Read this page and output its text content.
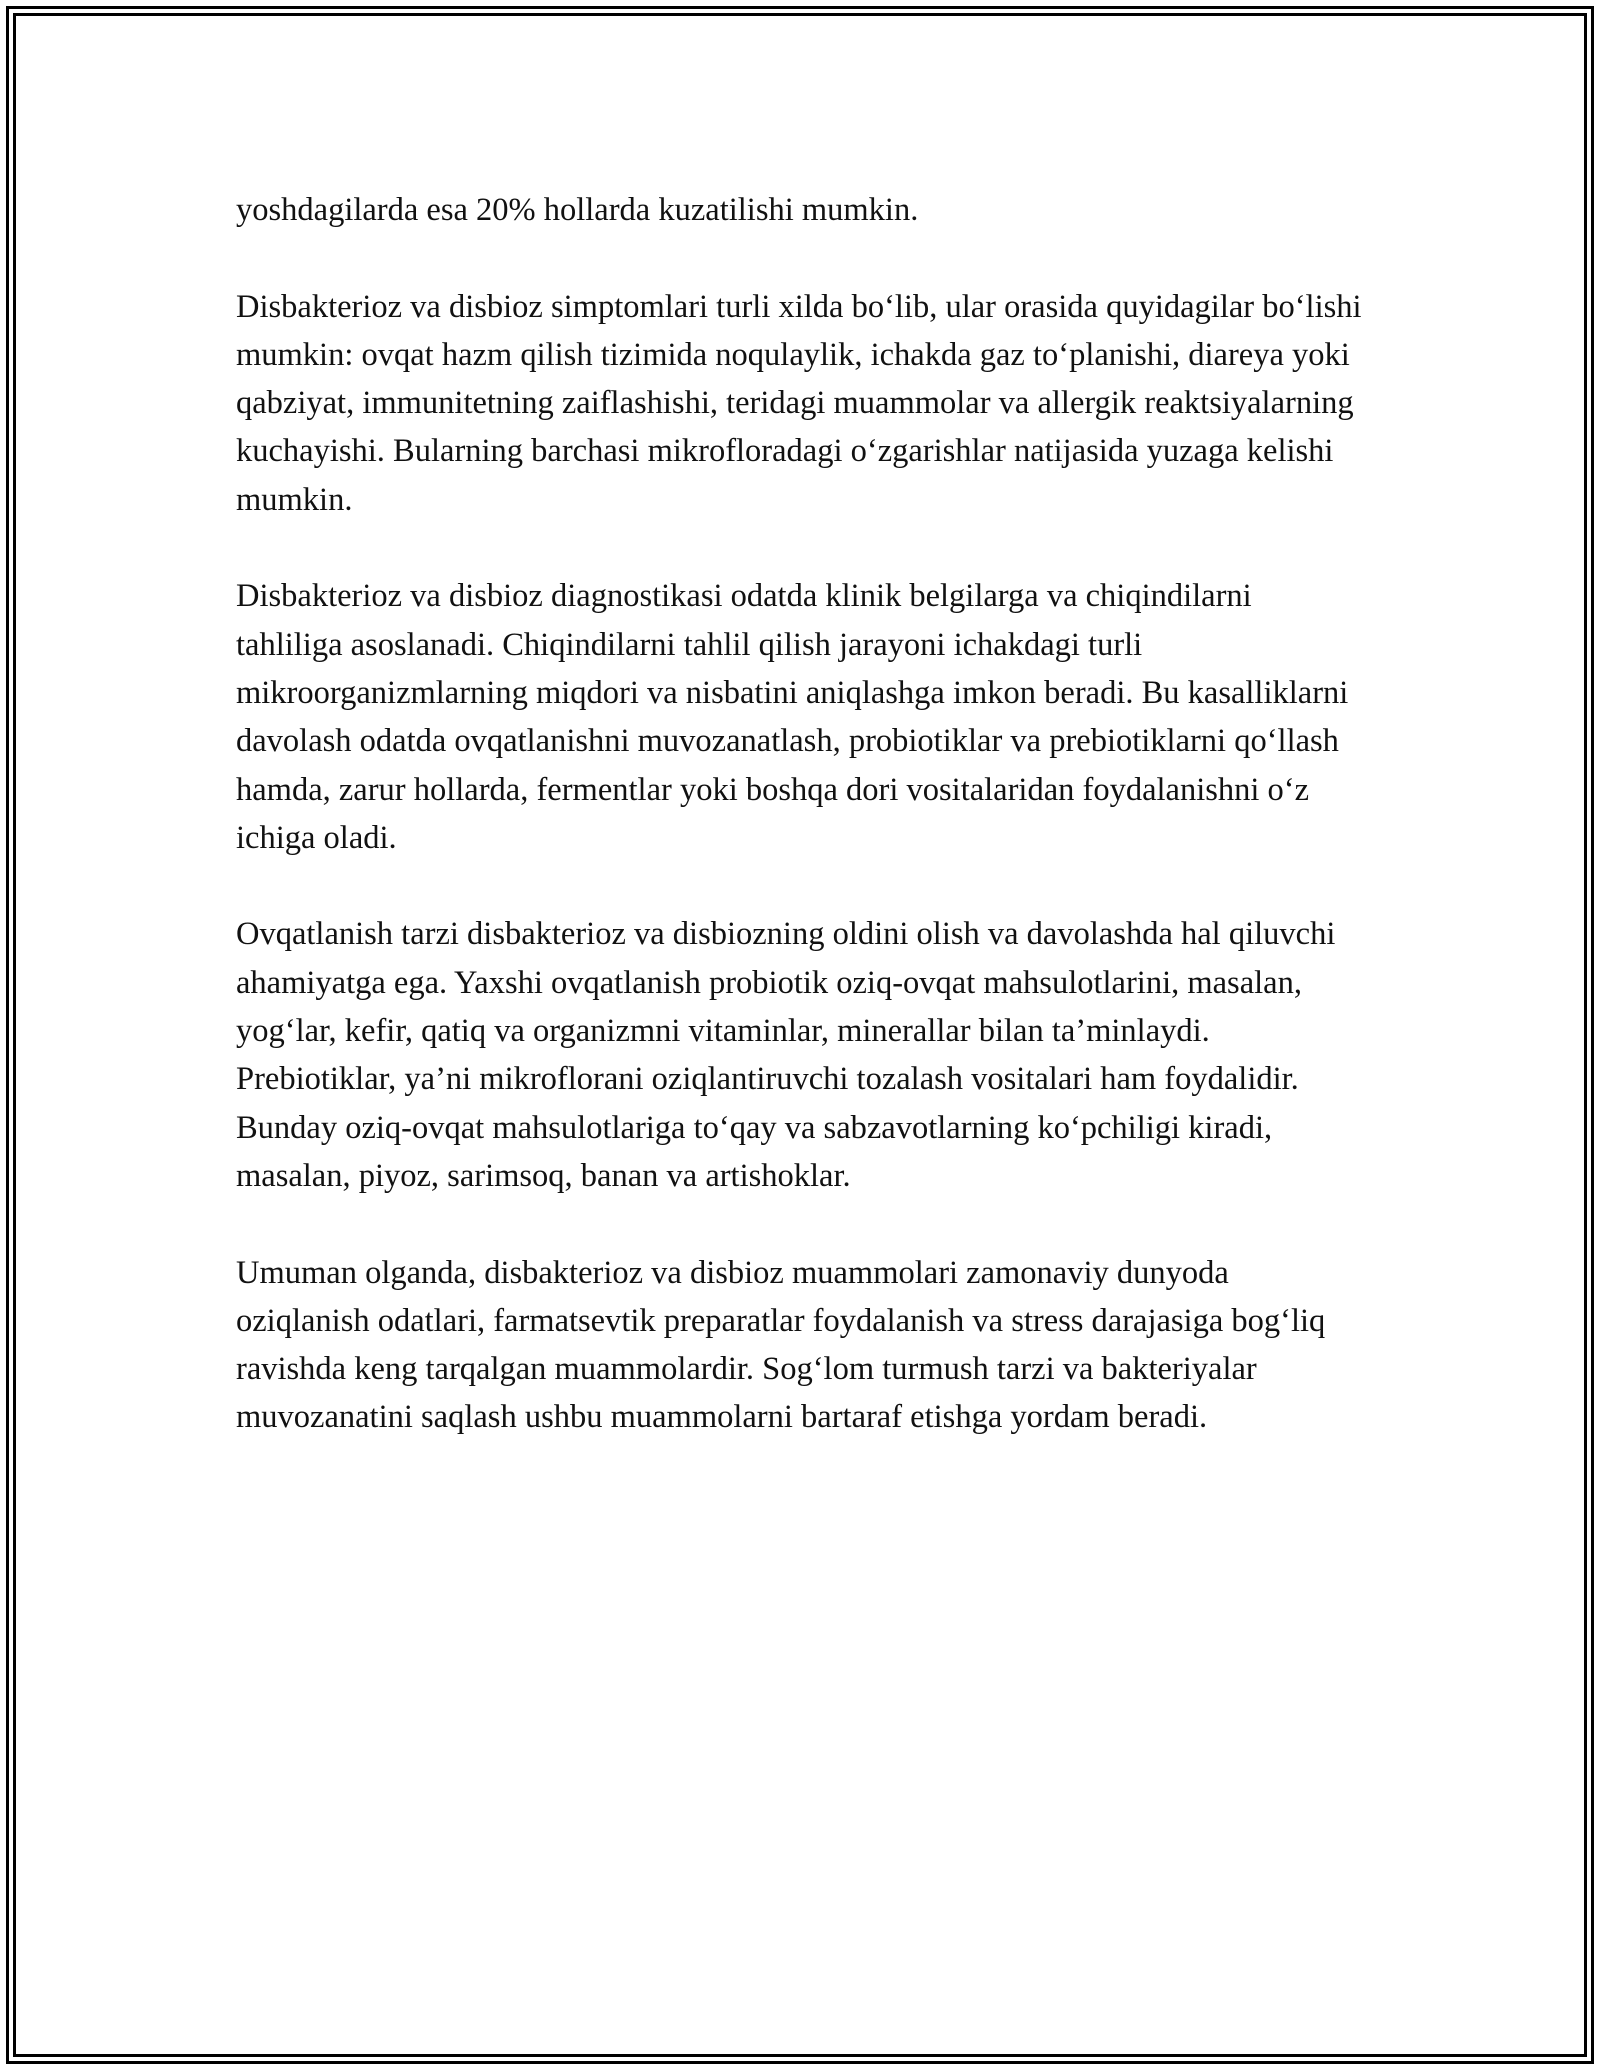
yoshdagilarda esa 20% hollarda kuzatilishi mumkin.

Disbakterioz va disbioz simptomlari turli xilda bo‘lib, ular orasida quyidagilar bo‘lishi mumkin: ovqat hazm qilish tizimida noqulaylik, ichakda gaz to‘planishi, diareya yoki qabziyat, immunitetning zaiflashishi, teridagi muammolar va allergik reaktsiyalarning kuchayishi. Bularning barchasi mikrofloradagi o‘zgarishlar natijasida yuzaga kelishi mumkin.

Disbakterioz va disbioz diagnostikasi odatda klinik belgilarga va chiqindilarni tahliliga asoslanadi. Chiqindilarni tahlil qilish jarayoni ichakdagi turli mikroorganizmlarning miqdori va nisbatini aniqlashga imkon beradi. Bu kasalliklarni davolash odatda ovqatlanishni muvozanatlash, probiotiklar va prebiotiklarni qo‘llash hamda, zarur hollarda, fermentlar yoki boshqa dori vositalaridan foydalanishni o‘z ichiga oladi.

Ovqatlanish tarzi disbakterioz va disbiozning oldini olish va davolashda hal qiluvchi ahamiyatga ega. Yaxshi ovqatlanish probiotik oziq-ovqat mahsulotlarini, masalan, yog‘lar, kefir, qatiq va organizmni vitaminlar, minerallar bilan ta’minlaydi. Prebiotiklar, ya’ni mikroflorani oziqlantiruvchi tozalash vositalari ham foydalidir. Bunday oziq-ovqat mahsulotlariga to‘qay va sabzavotlarning ko‘pchiligi kiradi, masalan, piyoz, sarimsoq, banan va artishoklar.

Umuman olganda, disbakterioz va disbioz muammolari zamonaviy dunyoda oziqlanish odatlari, farmatsevtik preparatlar foydalanish va stress darajasiga bog‘liq ravishda keng tarqalgan muammolardir. Sog‘lom turmush tarzi va bakteriyalar muvozanatini saqlash ushbu muammolarni bartaraf etishga yordam beradi.
